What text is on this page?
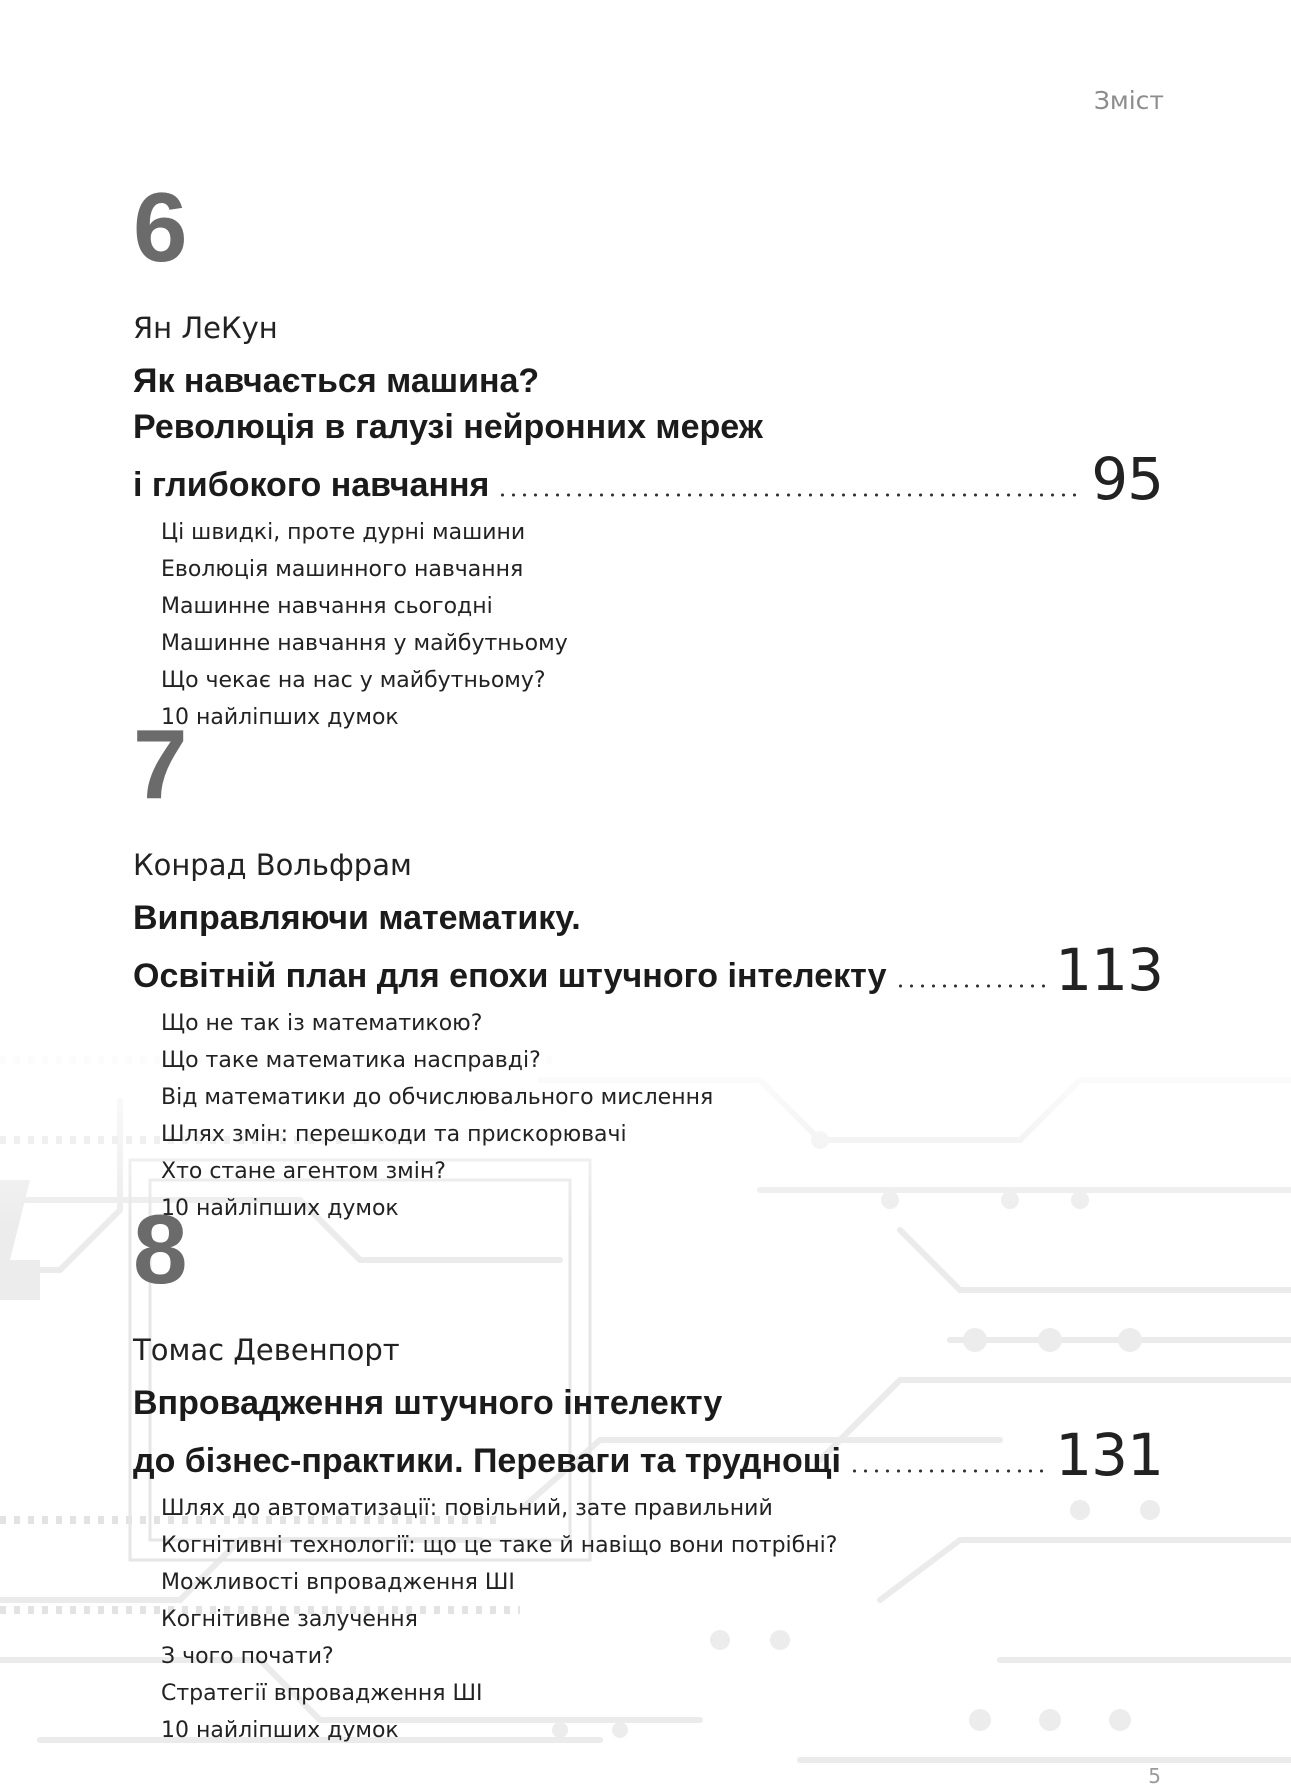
Зміст
6
Ян ЛеКун
Як навчається машина?
Революція в галузі нейронних мереж
і глибокого навчання	95
Ці швидкі, проте дурні машини
Еволюція машинного навчання
Машинне навчання сьогодні
Машинне навчання у майбутньому
Що чекає на нас у майбутньому?
10 найліпших думок
7
Конрад Вольфрам
Виправляючи математику.
Освітній план для епохи штучного інтелекту	113
Що не так із математикою?
Що таке математика насправді?
Від математики до обчислювального мислення
Шлях змін: перешкоди та прискорювачі
Хто стане агентом змін?
10 найліпших думок
8
Томас Девенпорт
Впровадження штучного інтелекту
до бізнес-практики. Переваги та труднощі	131
Шлях до автоматизації: повільний, зате правильний
Когнітивні технології: що це таке й навіщо вони потрібні?
Можливості впровадження ШІ
Когнітивне залучення
З чого почати?
Стратегії впровадження ШІ
10 найліпших думок
5
